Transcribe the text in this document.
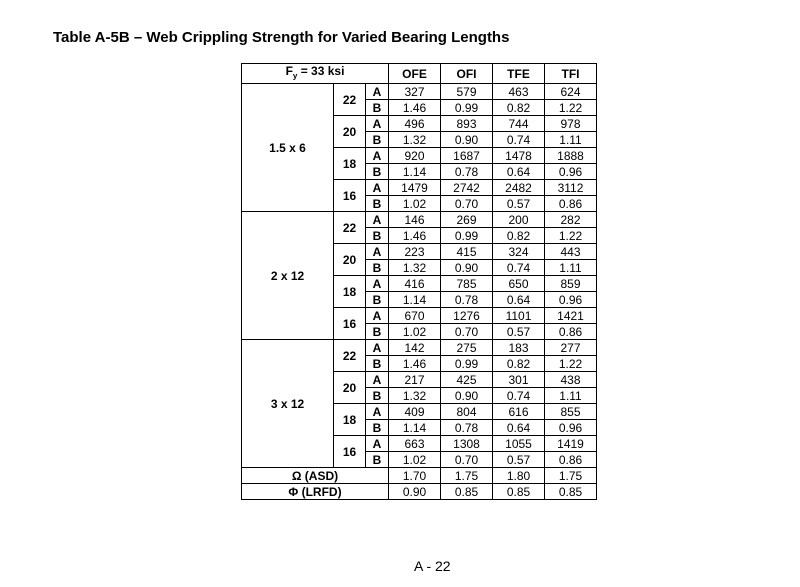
Table A-5B – Web Crippling Strength for Varied Bearing Lengths
$F_y = 33$ ksi			OFE	OFI	TFE	TFI
1.5 x 6	22	A	327	579	463	624
		B	1.46	0.99	0.82	1.22
	20	A	496	893	744	978
		B	1.32	0.90	0.74	1.11
	18	A	920	1687	1478	1888
		B	1.14	0.78	0.64	0.96
	16	A	1479	2742	2482	3112
		B	1.02	0.70	0.57	0.86
2 x 12	22	A	146	269	200	282
		B	1.46	0.99	0.82	1.22
	20	A	223	415	324	443
		B	1.32	0.90	0.74	1.11
	18	A	416	785	650	859
		B	1.14	0.78	0.64	0.96
	16	A	670	1276	1101	1421
		B	1.02	0.70	0.57	0.86
3 x 12	22	A	142	275	183	277
		B	1.46	0.99	0.82	1.22
	20	A	217	425	301	438
		B	1.32	0.90	0.74	1.11
	18	A	409	804	616	855
		B	1.14	0.78	0.64	0.96
	16	A	663	1308	1055	1419
		B	1.02	0.70	0.57	0.86
Ω (ASD)			1.70	1.75	1.80	1.75
Φ (LRFD)			0.90	0.85	0.85	0.85
A - 22
